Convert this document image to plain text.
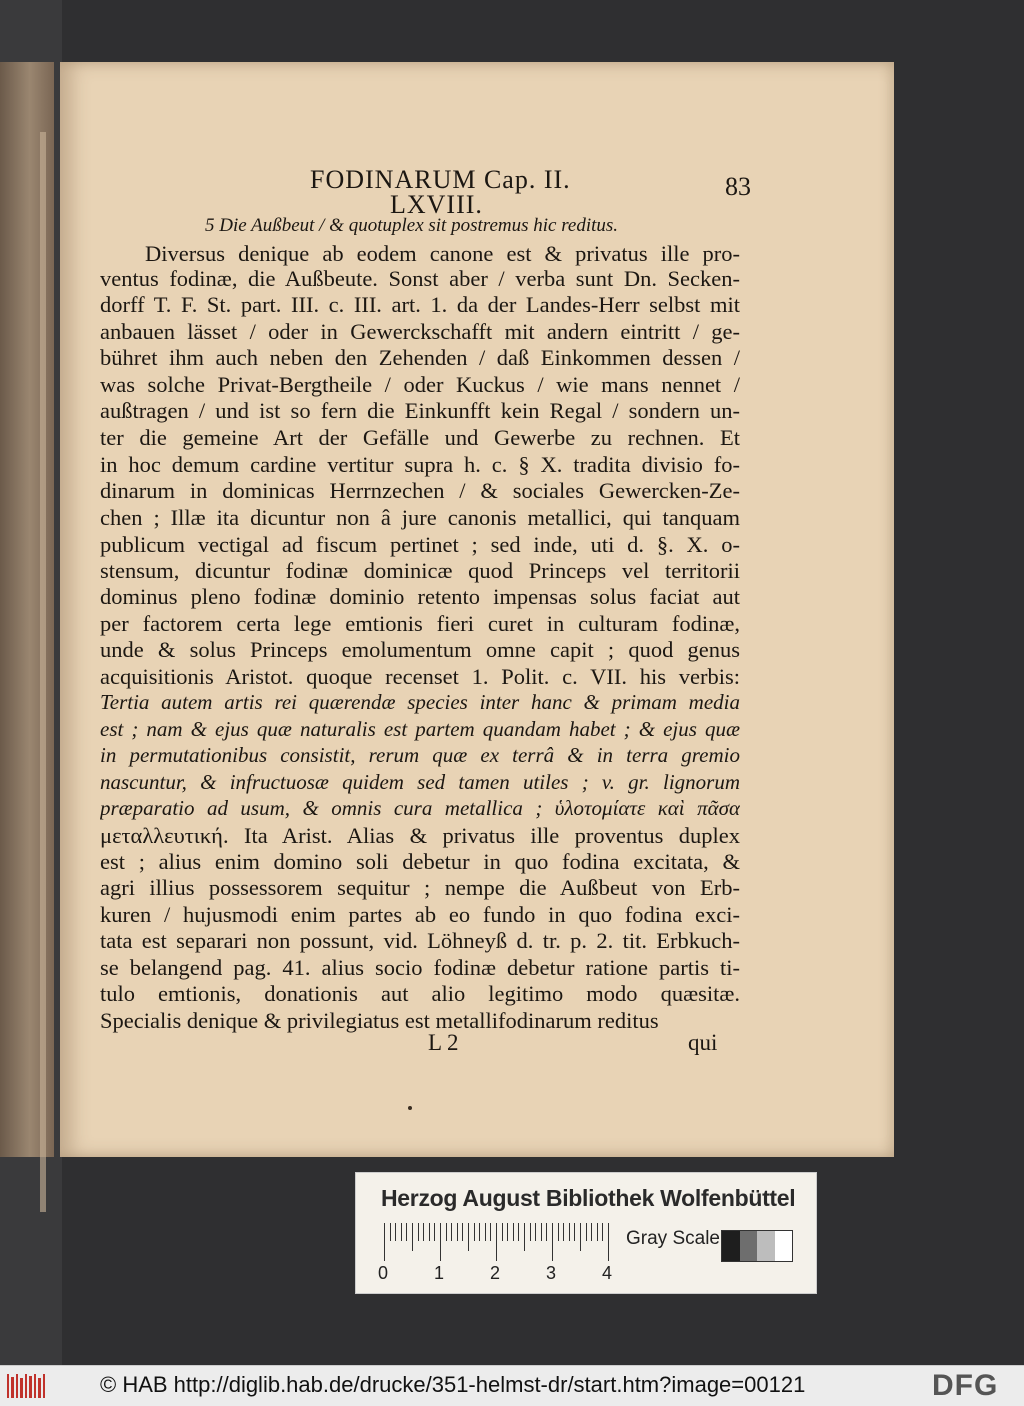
FODINARUM Cap. II.	83
LXVIII.
5 Die Außbeut / & quotuplex sit postremus hic reditus.
Diversus denique ab eodem canone est & privatus ille pro-
ventus fodinæ, die Außbeute. Sonst aber / verba sunt Dn. Secken-
dorff T. F. St. part. III. c. III. art. 1. da der Landes-Herr selbst mit
anbauen lässet / oder in Gewerckschafft mit andern eintritt / ge-
bühret ihm auch neben den Zehenden / daß Einkommen dessen /
was solche Privat-Bergtheile / oder Kuckus / wie mans nennet /
außtragen / und ist so fern die Einkunfft kein Regal / sondern un-
ter die gemeine Art der Gefälle und Gewerbe zu rechnen. Et
in hoc demum cardine vertitur supra h. c. § X. tradita divisio fo-
dinarum in dominicas Herrnzechen / & sociales Gewercken-Ze-
chen ; Illæ ita dicuntur non â jure canonis metallici, qui tanquam
publicum vectigal ad fiscum pertinet ; sed inde, uti d. §. X. o-
stensum, dicuntur fodinæ dominicæ quod Princeps vel territorii
dominus pleno fodinæ dominio retento impensas solus faciat aut
per factorem certa lege emtionis fieri curet in culturam fodinæ,
unde & solus Princeps emolumentum omne capit ; quod genus
acquisitionis Aristot. quoque recenset 1. Polit. c. VII. his verbis:
Tertia autem artis rei quærendæ species inter hanc & primam media
est ; nam & ejus quæ naturalis est partem quandam habet ; & ejus quæ
in permutationibus consistit, rerum quæ ex terrâ & in terra gremio
nascuntur, & infructuosæ quidem sed tamen utiles ; v. gr. lignorum
præparatio ad usum, & omnis cura metallica ; ὑλοτομίατε καὶ πᾶσα
μεταλλευτική. Ita Arist. Alias & privatus ille proventus duplex
est ; alius enim domino soli debetur in quo fodina excitata, &
agri illius possessorem sequitur ; nempe die Außbeut von Erb-
kuren / hujusmodi enim partes ab eo fundo in quo fodina exci-
tata est separari non possunt, vid. Löhneyß d. tr. p. 2. tit. Erbkuch-
se belangend pag. 41. alius socio fodinæ debetur ratione partis ti-
tulo emtionis, donationis aut alio legitimo modo quæsitæ.
Specialis denique & privilegiatus est metallifodinarum reditus
L 2	qui
Herzog August Bibliothek Wolfenbüttel
0	1	2	3	4
Gray Scale
© HAB http://diglib.hab.de/drucke/351-helmst-dr/start.htm?image=00121	DFG
